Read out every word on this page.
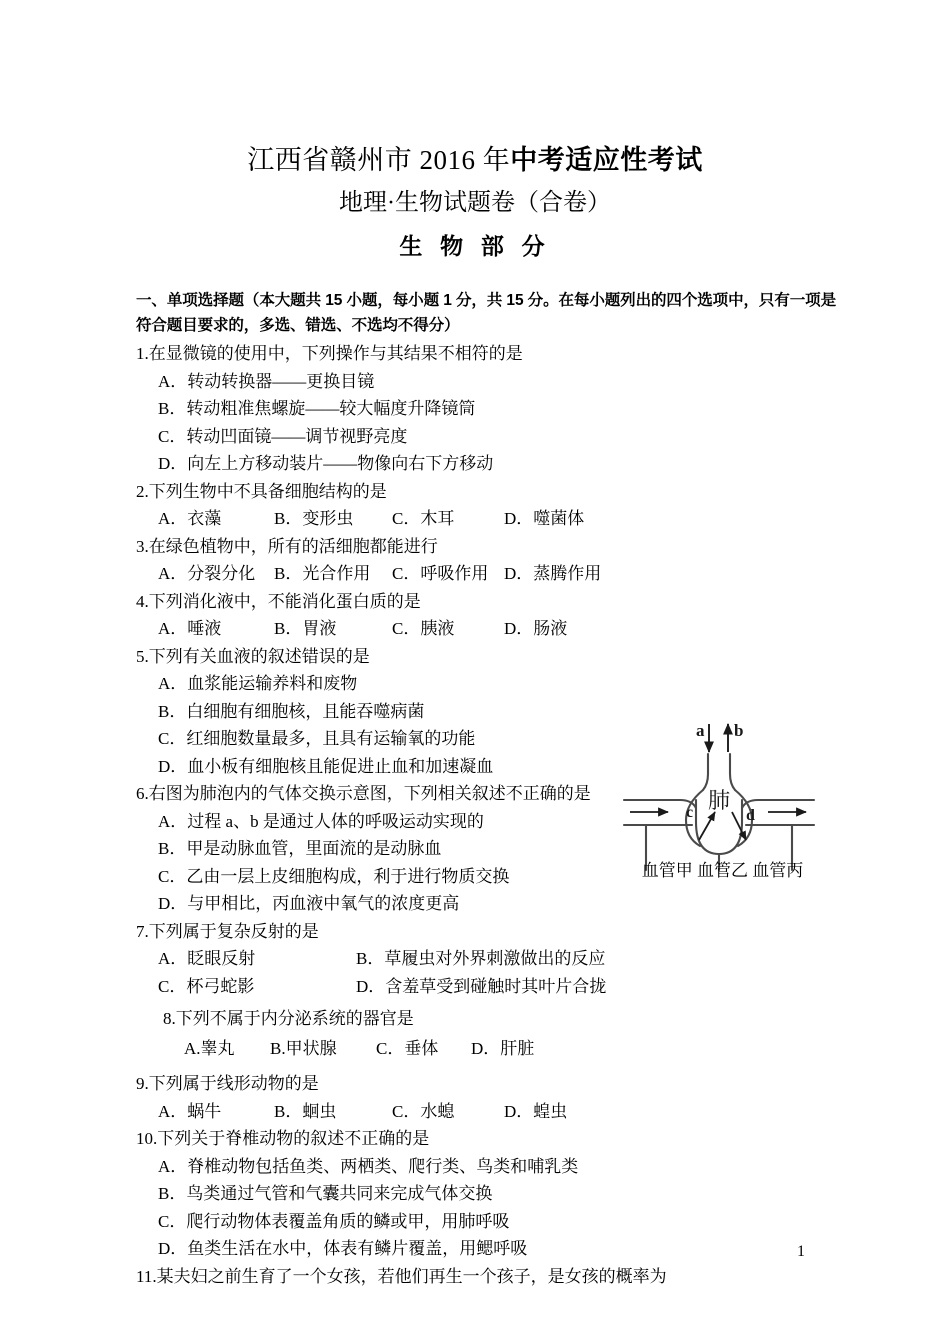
江西省赣州市 2016 年中考适应性考试
地理·生物试题卷（合卷）
生 物 部 分

一、单项选择题（本大题共 15 小题，每小题 1 分，共 15 分。在每小题列出的四个选项中，只有一项是符合题目要求的，多选、错选、不选均不得分）

1.在显微镜的使用中，下列操作与其结果不相符的是

A．转动转换器——更换目镜

B．转动粗准焦螺旋——较大幅度升降镜筒

C．转动凹面镜——调节视野亮度

D．向左上方移动装片——物像向右下方移动

2.下列生物中不具备细胞结构的是

A．衣藻	B．变形虫 C．木耳	D．噬菌体

3.在绿色植物中，所有的活细胞都能进行

A．分裂分化 B．光合作用 C．呼吸作用 D．蒸腾作用

4.下列消化液中，不能消化蛋白质的是

A．唾液	B．胃液	C．胰液	D．肠液

5.下列有关血液的叙述错误的是

A．血浆能运输养料和废物

B．白细胞有细胞核，且能吞噬病菌

C．红细胞数量最多，且具有运输氧的功能

D．血小板有细胞核且能促进止血和加速凝血

6.右图为肺泡内的气体交换示意图，下列相关叙述不正确的是

A．过程 a、b 是通过人体的呼吸运动实现的

B．甲是动脉血管，里面流的是动脉血

C．乙由一层上皮细胞构成，利于进行物质交换

D．与甲相比，丙血液中氧气的浓度更高

7.下列属于复杂反射的是

A．眨眼反射	B．草履虫对外界刺激做出的反应

C．杯弓蛇影	D．含羞草受到碰触时其叶片合拢

8.下列不属于内分泌系统的器官是

A.睾丸 B.甲状腺 C．垂体 D．肝脏

9.下列属于线形动物的是

A．蜗牛	B．蛔虫	C．水螅	D．蝗虫

10.下列关于脊椎动物的叙述不正确的是

A．脊椎动物包括鱼类、两栖类、爬行类、鸟类和哺乳类

B．鸟类通过气管和气囊共同来完成气体交换

C．爬行动物体表覆盖角质的鳞或甲，用肺呼吸

D．鱼类生活在水中，体表有鳞片覆盖，用鳃呼吸

11.某夫妇之前生育了一个女孩，若他们再生一个孩子，是女孩的概率为

a b
c	d
肺
血管甲 血管乙 血管丙
1
